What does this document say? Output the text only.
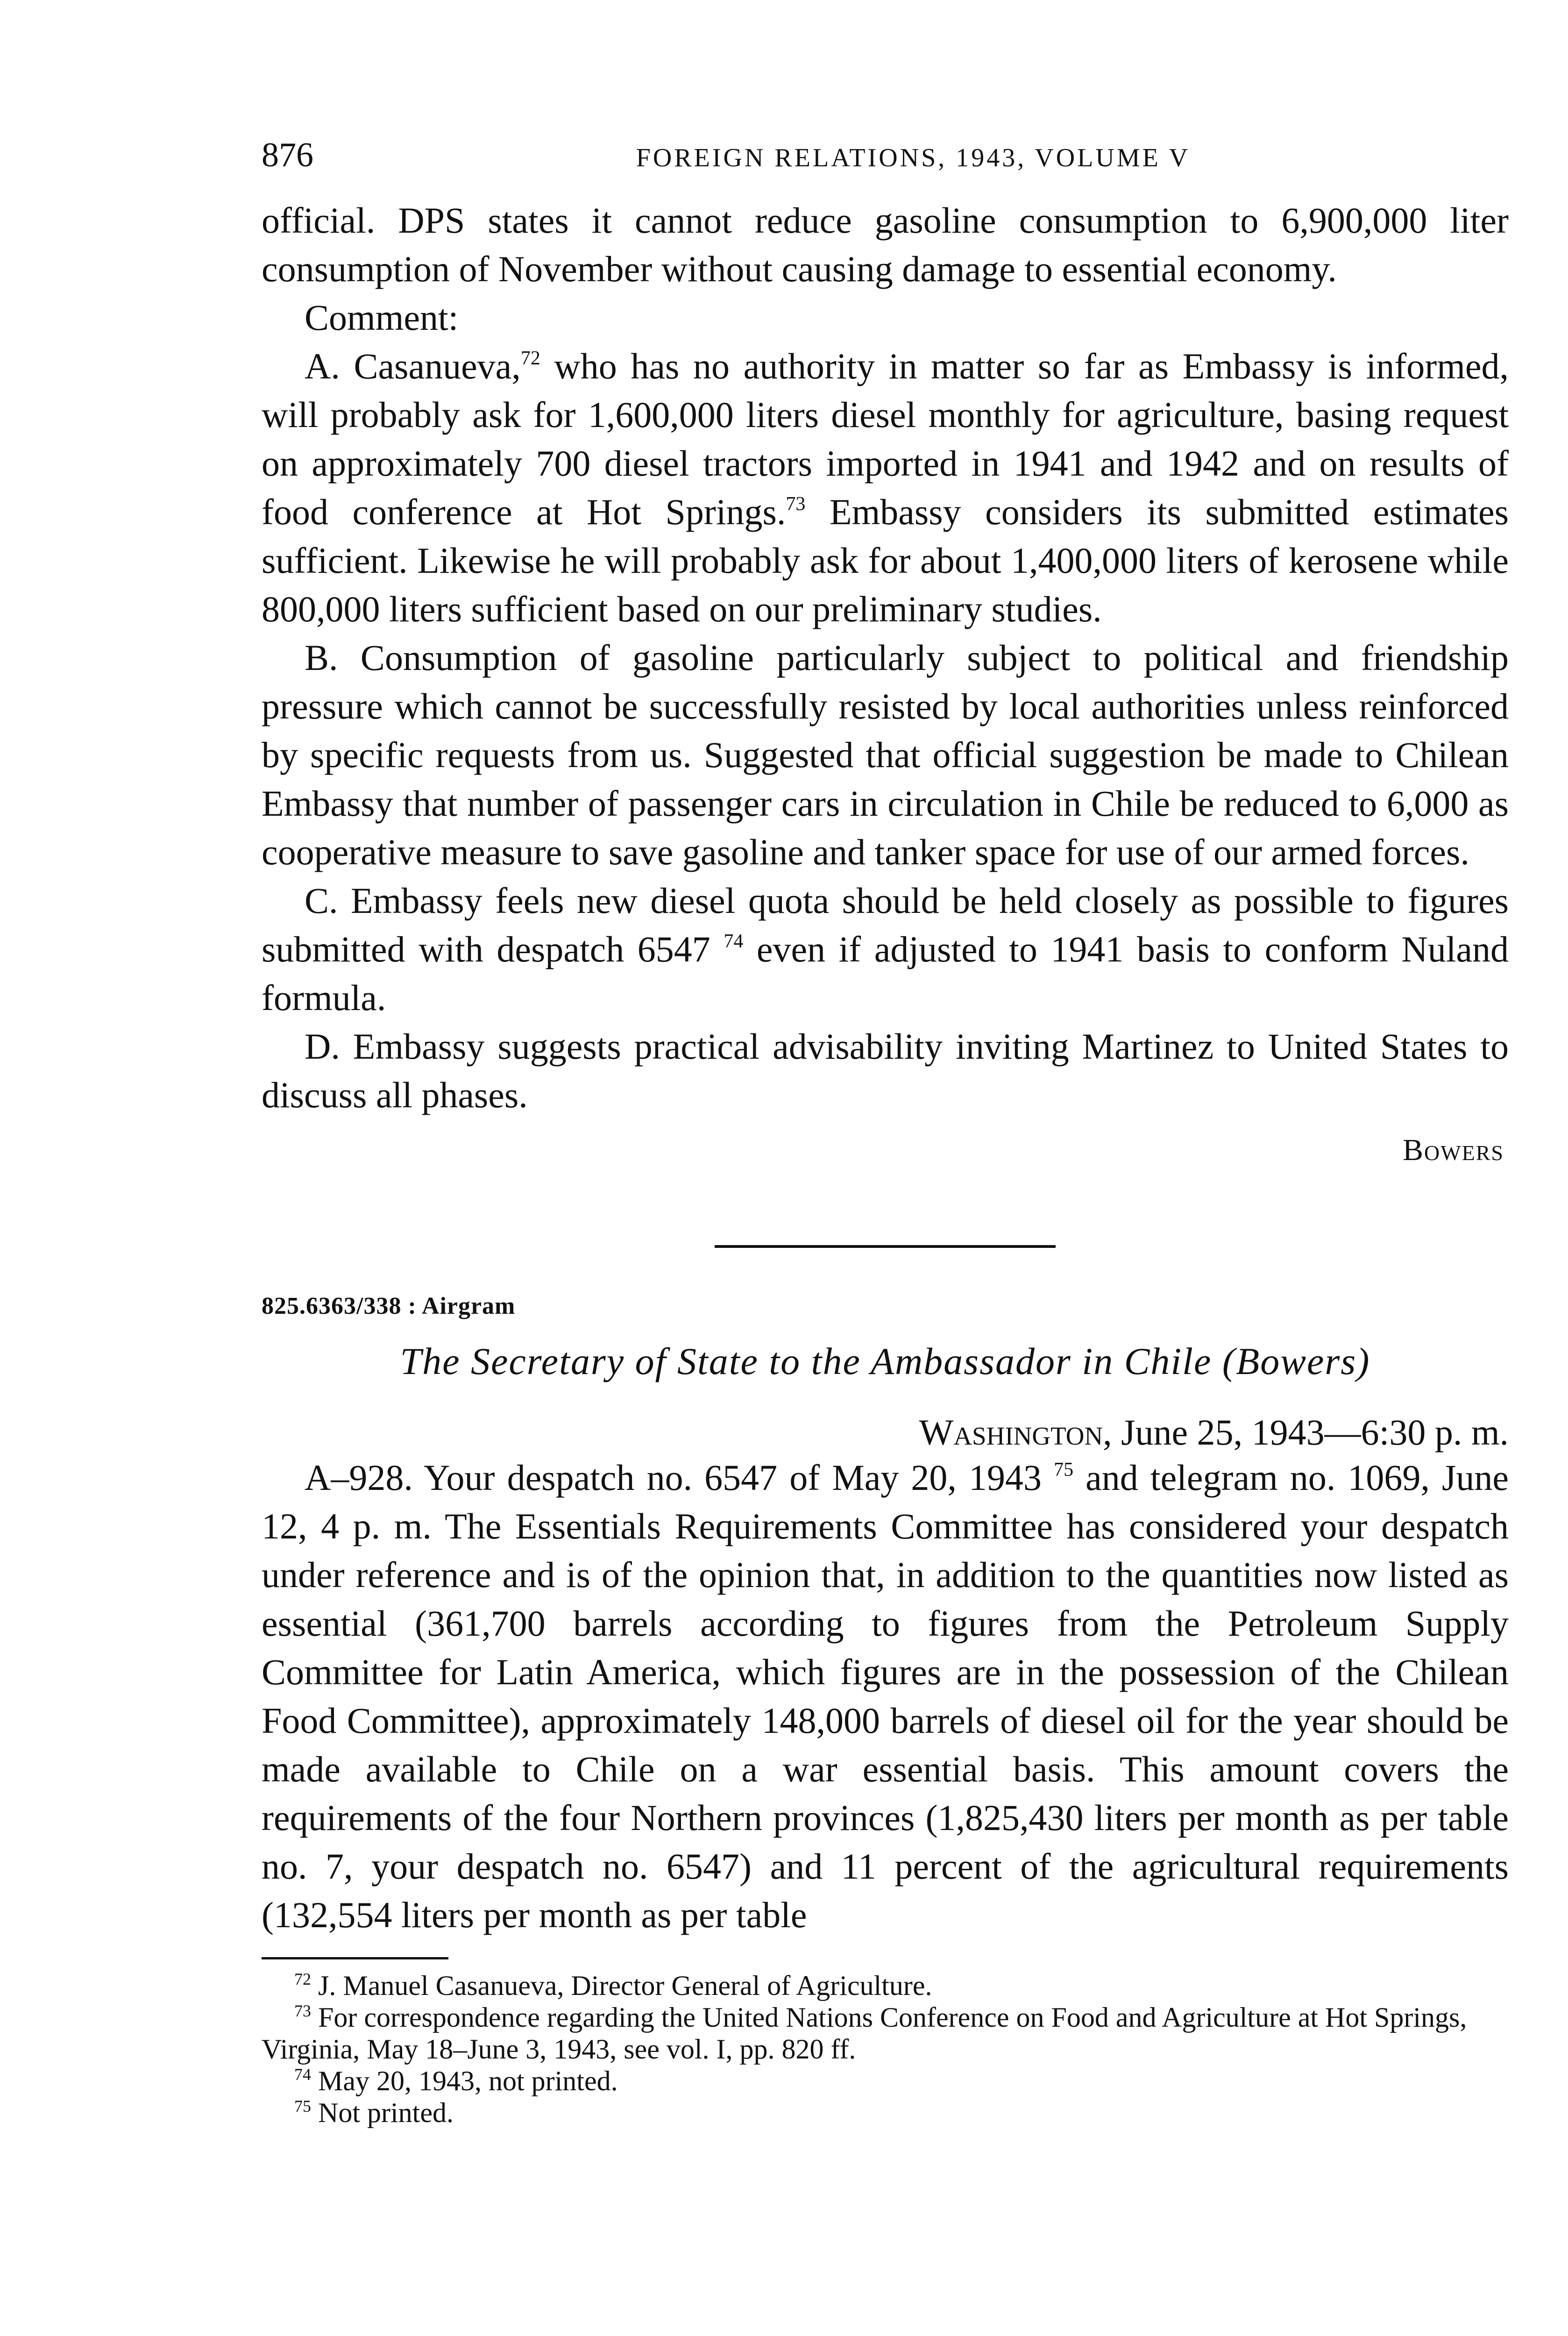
876	FOREIGN RELATIONS, 1943, VOLUME V

official. DPS states it cannot reduce gasoline consumption to 6,900,000 liter consumption of November without causing damage to essential economy.

Comment:

A. Casanueva,$^{72}$ who has no authority in matter so far as Embassy is informed, will probably ask for 1,600,000 liters diesel monthly for agriculture, basing request on approximately 700 diesel tractors imported in 1941 and 1942 and on results of food conference at Hot Springs.$^{73}$ Embassy considers its submitted estimates sufficient. Likewise he will probably ask for about 1,400,000 liters of kerosene while 800,000 liters sufficient based on our preliminary studies.

B. Consumption of gasoline particularly subject to political and friendship pressure which cannot be successfully resisted by local authorities unless reinforced by specific requests from us. Suggested that official suggestion be made to Chilean Embassy that number of passenger cars in circulation in Chile be reduced to 6,000 as cooperative measure to save gasoline and tanker space for use of our armed forces.

C. Embassy feels new diesel quota should be held closely as possible to figures submitted with despatch 6547 $^{74}$ even if adjusted to 1941 basis to conform Nuland formula.

D. Embassy suggests practical advisability inviting Martinez to United States to discuss all phases.

Bowers
825.6363/338 : Airgram
The Secretary of State to the Ambassador in Chile (Bowers)
Washington, June 25, 1943—6:30 p. m.

A–928. Your despatch no. 6547 of May 20, 1943 $^{75}$ and telegram no. 1069, June 12, 4 p. m. The Essentials Requirements Committee has considered your despatch under reference and is of the opinion that, in addition to the quantities now listed as essential (361,700 barrels according to figures from the Petroleum Supply Committee for Latin America, which figures are in the possession of the Chilean Food Committee), approximately 148,000 barrels of diesel oil for the year should be made available to Chile on a war essential basis. This amount covers the requirements of the four Northern provinces (1,825,430 liters per month as per table no. 7, your despatch no. 6547) and 11 percent of the agricultural requirements (132,554 liters per month as per table

$^{72}$ J. Manuel Casanueva, Director General of Agriculture.

$^{73}$ For correspondence regarding the United Nations Conference on Food and Agriculture at Hot Springs, Virginia, May 18–June 3, 1943, see vol. I, pp. 820 ff.

$^{74}$ May 20, 1943, not printed.

$^{75}$ Not printed.
